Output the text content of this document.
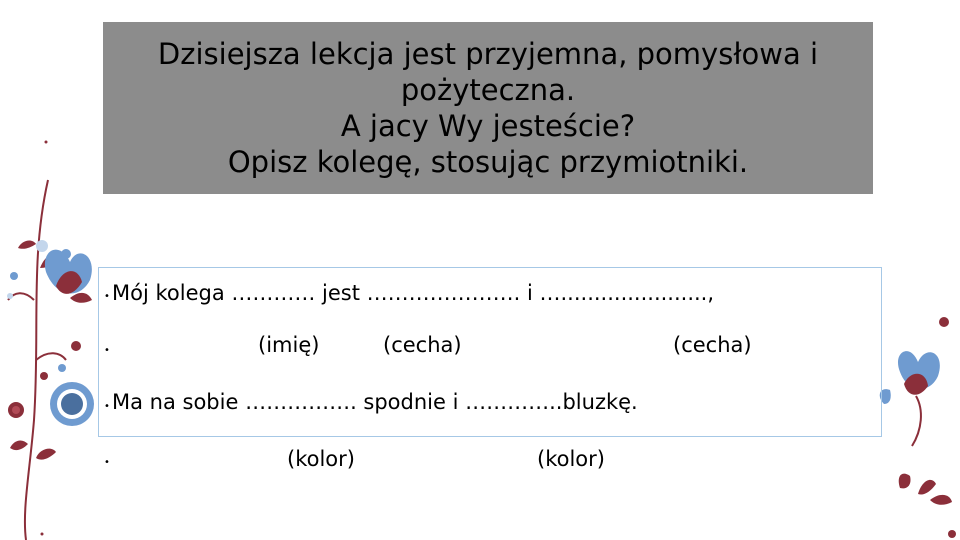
Dzisiejsza lekcja jest przyjemna, pomysłowa i
pożyteczna.
A jacy Wy jesteście?
Opisz kolegę, stosując przymiotniki.
• Mój kolega ………… jest …………………. i …......................,
•	(imię)	(cecha)	(cecha)
• Ma na sobie ……………. spodnie i …………..bluzkę.
•	(kolor)	(kolor)
